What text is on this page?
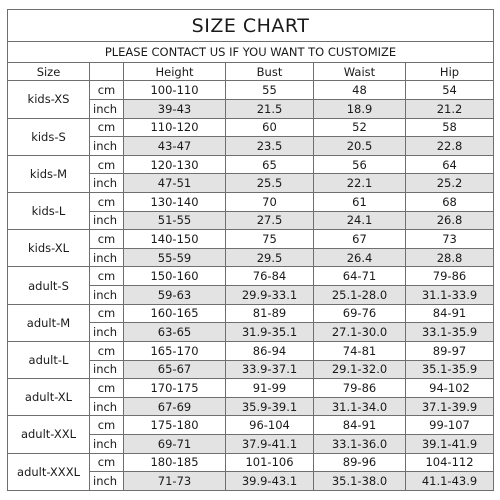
SIZE CHART					
PLEASE CONTACT US IF YOU WANT TO CUSTOMIZE					
Size		Height	Bust	Waist	Hip
kids-XS	cm	100-110	55	48	54
	inch	39-43	21.5	18.9	21.2
kids-S	cm	110-120	60	52	58
	inch	43-47	23.5	20.5	22.8
kids-M	cm	120-130	65	56	64
	inch	47-51	25.5	22.1	25.2
kids-L	cm	130-140	70	61	68
	inch	51-55	27.5	24.1	26.8
kids-XL	cm	140-150	75	67	73
	inch	55-59	29.5	26.4	28.8
adult-S	cm	150-160	76-84	64-71	79-86
	inch	59-63	29.9-33.1	25.1-28.0	31.1-33.9
adult-M	cm	160-165	81-89	69-76	84-91
	inch	63-65	31.9-35.1	27.1-30.0	33.1-35.9
adult-L	cm	165-170	86-94	74-81	89-97
	inch	65-67	33.9-37.1	29.1-32.0	35.1-35.9
adult-XL	cm	170-175	91-99	79-86	94-102
	inch	67-69	35.9-39.1	31.1-34.0	37.1-39.9
adult-XXL	cm	175-180	96-104	84-91	99-107
	inch	69-71	37.9-41.1	33.1-36.0	39.1-41.9
adult-XXXL	cm	180-185	101-106	89-96	104-112
	inch	71-73	39.9-43.1	35.1-38.0	41.1-43.9
